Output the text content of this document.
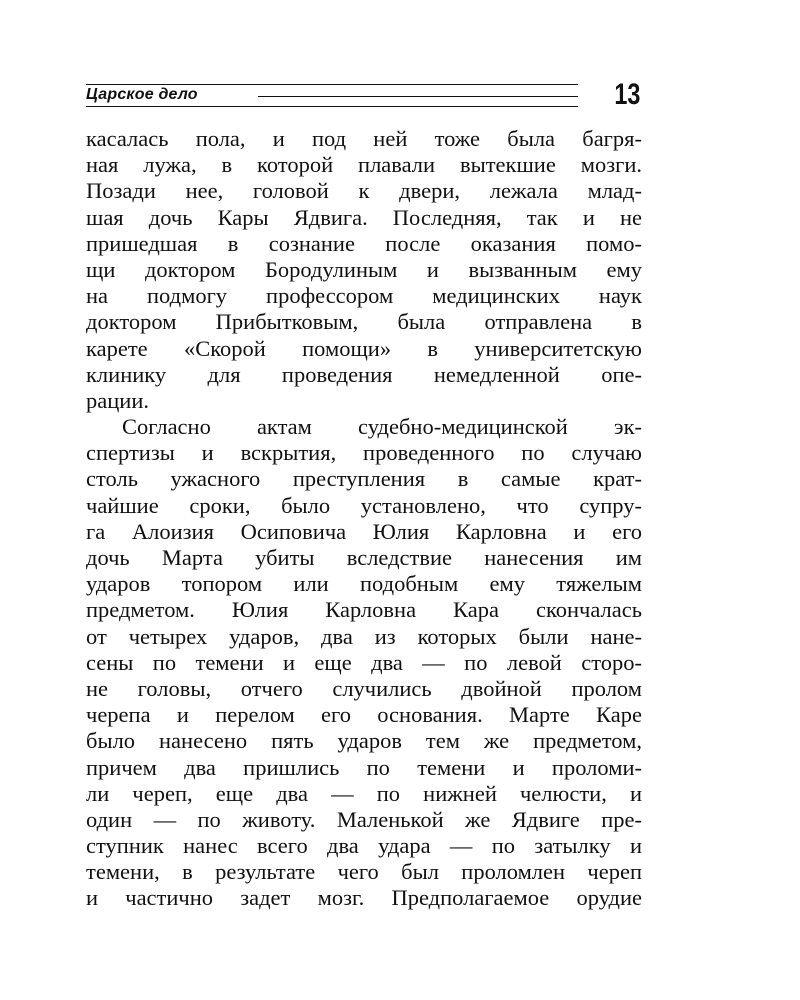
Царское дело	13
касалась пола, и под ней тоже была багря-
ная лужа, в которой плавали вытекшие мозги.
Позади нее, головой к двери, лежала млад-
шая дочь Кары Ядвига. Последняя, так и не
пришедшая в сознание после оказания помо-
щи доктором Бородулиным и вызванным ему
на подмогу профессором медицинских наук
доктором Прибытковым, была отправлена в
карете «Скорой помощи» в университетскую
клинику для проведения немедленной опе-
рации.
Согласно актам судебно-медицинской эк-
спертизы и вскрытия, проведенного по случаю
столь ужасного преступления в самые крат-
чайшие сроки, было установлено, что супру-
га Алоизия Осиповича Юлия Карловна и его
дочь Марта убиты вследствие нанесения им
ударов топором или подобным ему тяжелым
предметом. Юлия Карловна Кара скончалась
от четырех ударов, два из которых были нане-
сены по темени и еще два — по левой сторо-
не головы, отчего случились двойной пролом
черепа и перелом его основания. Марте Каре
было нанесено пять ударов тем же предметом,
причем два пришлись по темени и проломи-
ли череп, еще два — по нижней челюсти, и
один — по животу. Маленькой же Ядвиге пре-
ступник нанес всего два удара — по затылку и
темени, в результате чего был проломлен череп
и частично задет мозг. Предполагаемое орудие
